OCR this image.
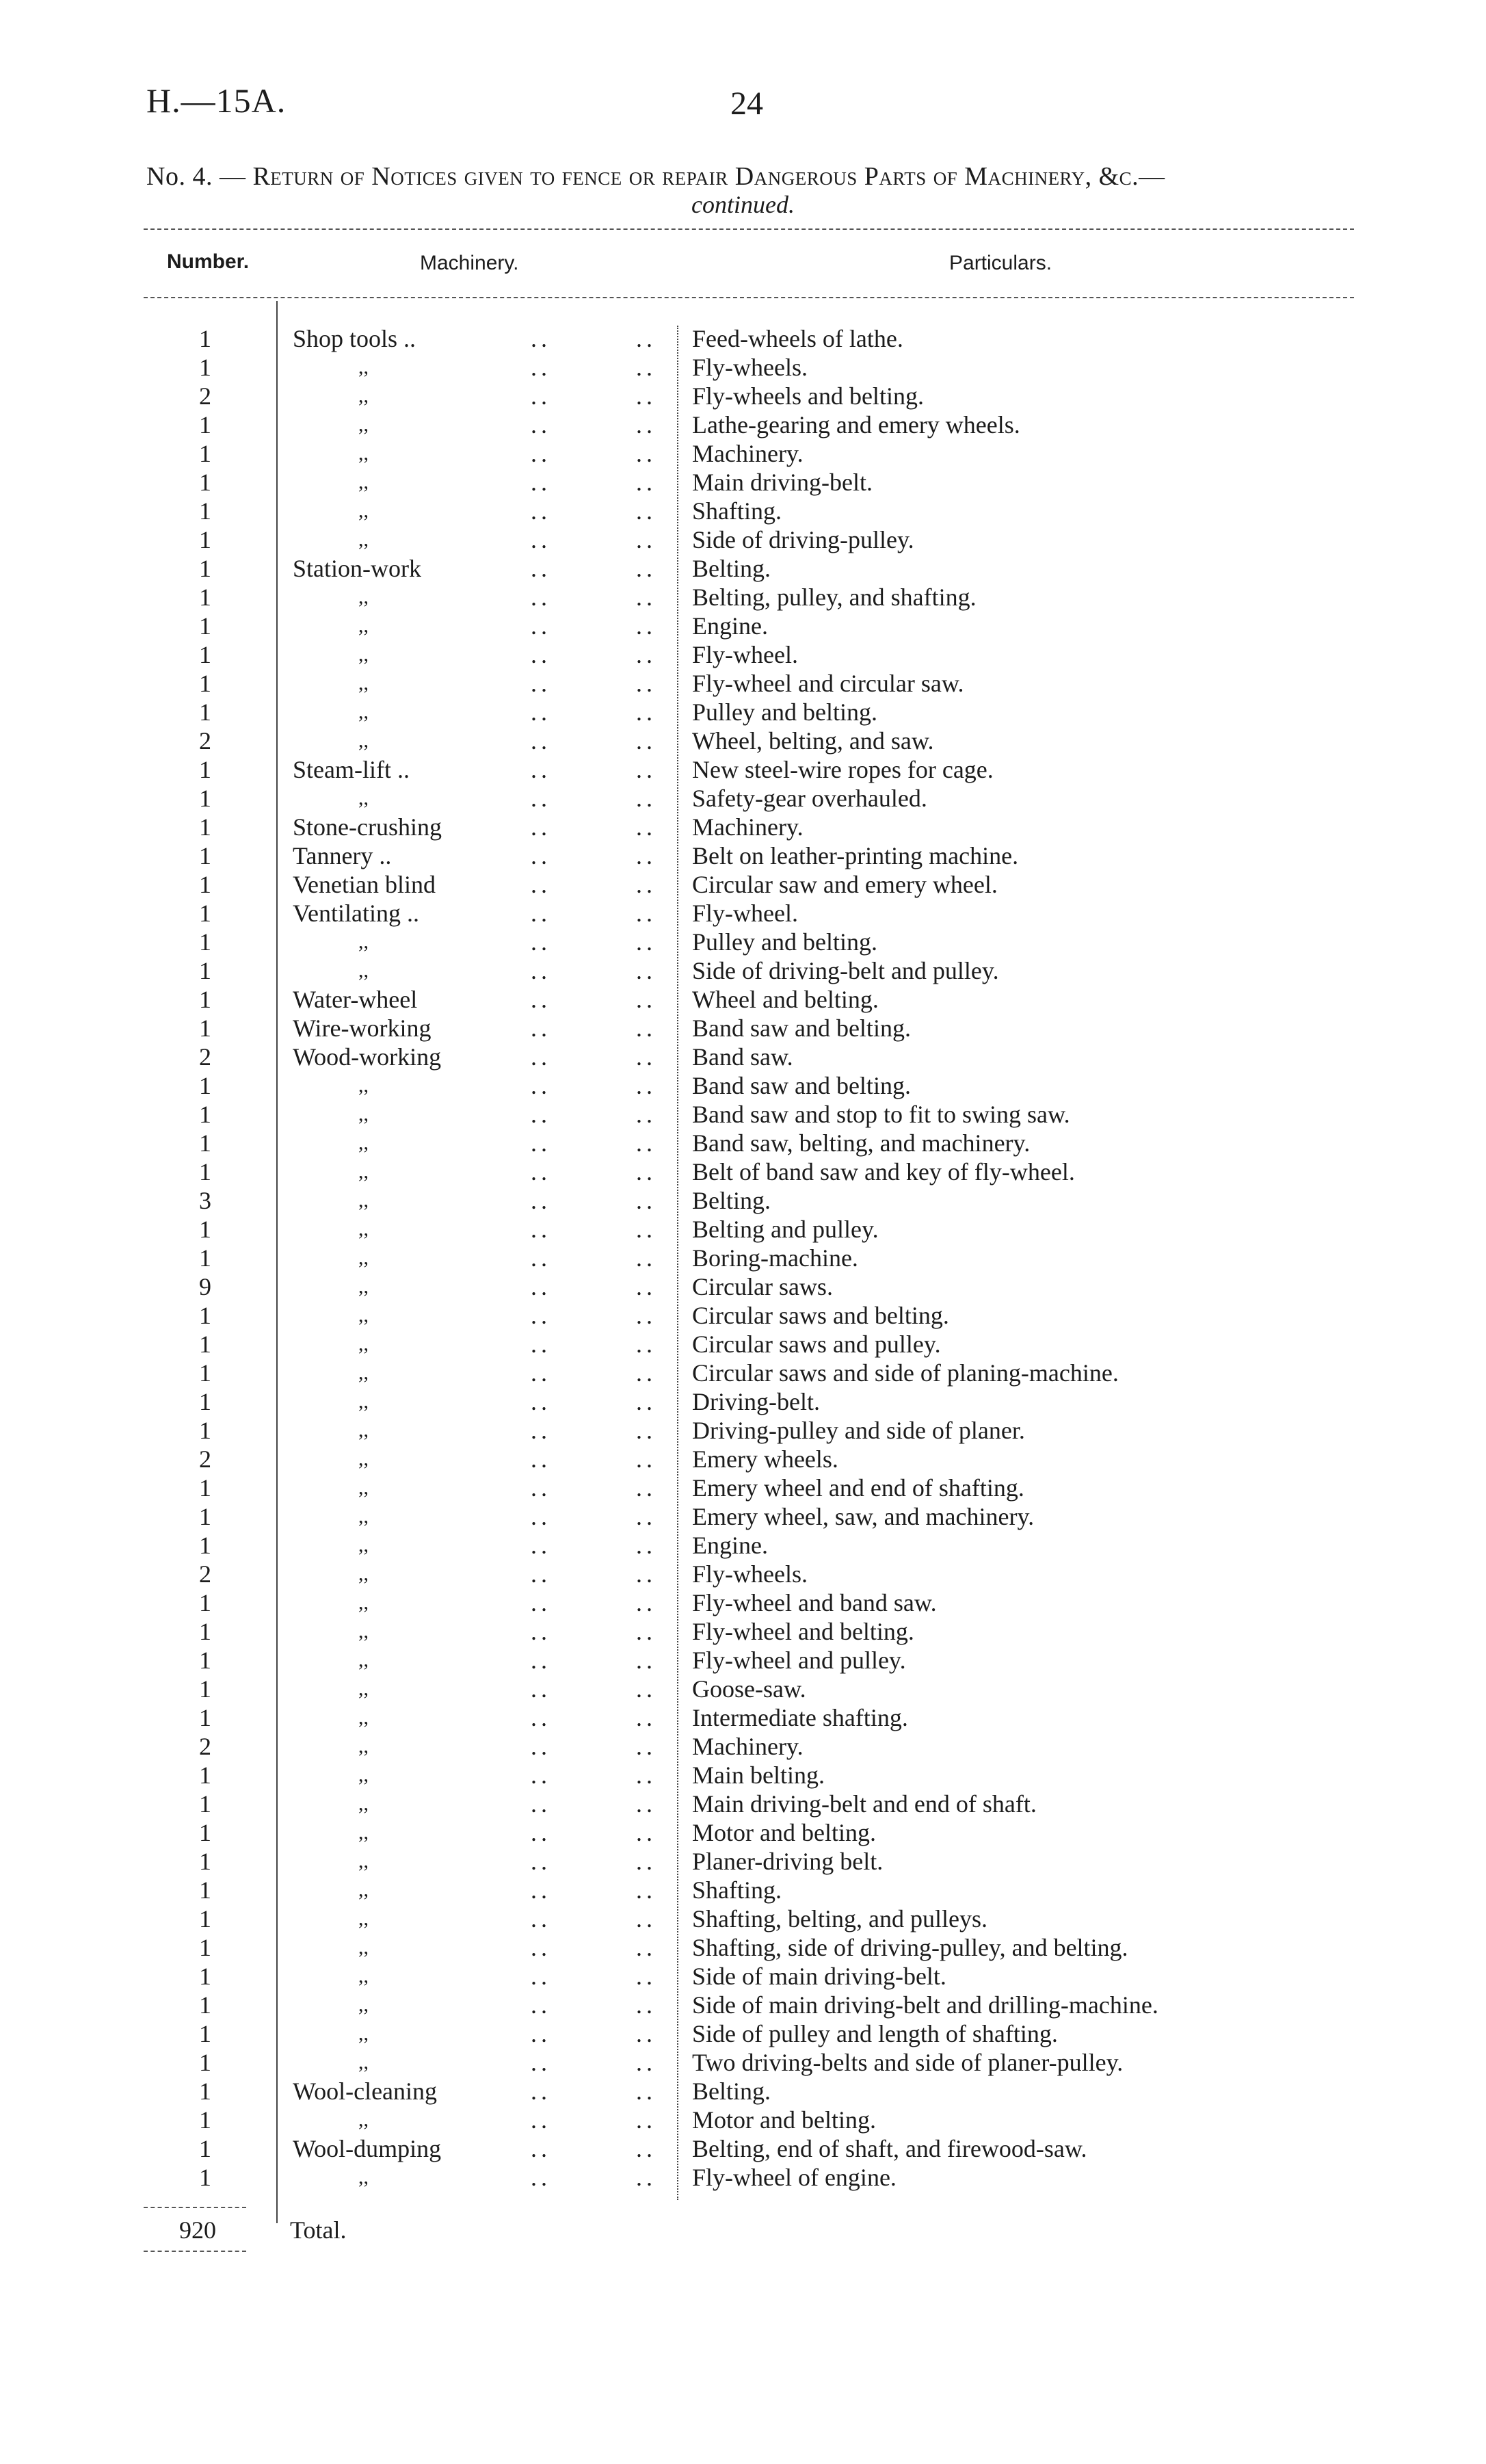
H.—15A.	24
No. 4. — Return of Notices given to fence or repair Dangerous Parts of Machinery, &c.—
continued.
Number.	Machinery.	Particulars.
1	Shop tools ..	..	.. Feed-wheels of lathe.
1	,,	..	.. Fly-wheels.
2	,,	..	.. Fly-wheels and belting.
1	,,	..	.. Lathe-gearing and emery wheels.
1	,,	..	.. Machinery.
1	,,	..	.. Main driving-belt.
1	,,	..	.. Shafting.
1	,,	..	.. Side of driving-pulley.
1	Station-work	..	.. Belting.
1	,,	..	.. Belting, pulley, and shafting.
1	,,	..	.. Engine.
1	,,	..	.. Fly-wheel.
1	,,	..	.. Fly-wheel and circular saw.
1	,,	..	.. Pulley and belting.
2	,,	..	.. Wheel, belting, and saw.
1	Steam-lift ..	..	.. New steel-wire ropes for cage.
1	,,	..	.. Safety-gear overhauled.
1	Stone-crushing	..	.. Machinery.
1	Tannery ..	..	.. Belt on leather-printing machine.
1	Venetian blind	..	.. Circular saw and emery wheel.
1	Ventilating ..	..	.. Fly-wheel.
1	,,	..	.. Pulley and belting.
1	,,	..	.. Side of driving-belt and pulley.
1	Water-wheel	..	.. Wheel and belting.
1	Wire-working	..	.. Band saw and belting.
2	Wood-working	..	.. Band saw.
1	,,	..	.. Band saw and belting.
1	,,	..	.. Band saw and stop to fit to swing saw.
1	,,	..	.. Band saw, belting, and machinery.
1	,,	..	.. Belt of band saw and key of fly-wheel.
3	,,	..	.. Belting.
1	,,	..	.. Belting and pulley.
1	,,	..	.. Boring-machine.
9	,,	..	.. Circular saws.
1	,,	..	.. Circular saws and belting.
1	,,	..	.. Circular saws and pulley.
1	,,	..	.. Circular saws and side of planing-machine.
1	,,	..	.. Driving-belt.
1	,,	..	.. Driving-pulley and side of planer.
2	,,	..	.. Emery wheels.
1	,,	..	.. Emery wheel and end of shafting.
1	,,	..	.. Emery wheel, saw, and machinery.
1	,,	..	.. Engine.
2	,,	..	.. Fly-wheels.
1	,,	..	.. Fly-wheel and band saw.
1	,,	..	.. Fly-wheel and belting.
1	,,	..	.. Fly-wheel and pulley.
1	,,	..	.. Goose-saw.
1	,,	..	.. Intermediate shafting.
2	,,	..	.. Machinery.
1	,,	..	.. Main belting.
1	,,	..	.. Main driving-belt and end of shaft.
1	,,	..	.. Motor and belting.
1	,,	..	.. Planer-driving belt.
1	,,	..	.. Shafting.
1	,,	..	.. Shafting, belting, and pulleys.
1	,,	..	.. Shafting, side of driving-pulley, and belting.
1	,,	..	.. Side of main driving-belt.
1	,,	..	.. Side of main driving-belt and drilling-machine.
1	,,	..	.. Side of pulley and length of shafting.
1	,,	..	.. Two driving-belts and side of planer-pulley.
1	Wool-cleaning	..	.. Belting.
1	,,	..	.. Motor and belting.
1	Wool-dumping	..	.. Belting, end of shaft, and firewood-saw.
1	,,	..	.. Fly-wheel of engine.
920	Total.
